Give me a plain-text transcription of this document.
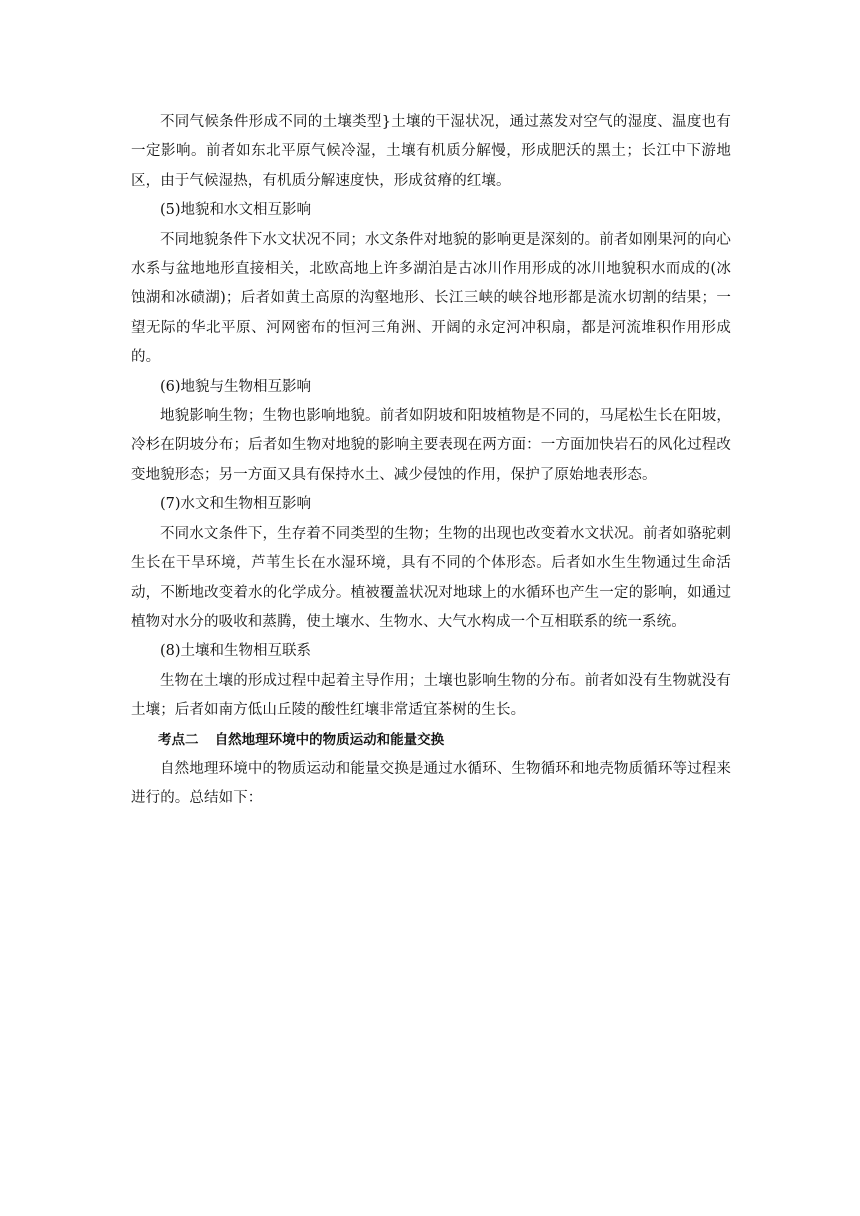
不同气候条件形成不同的土壤类型}土壤的干湿状况，通过蒸发对空气的湿度、温度也有一定影响。前者如东北平原气候冷湿，土壤有机质分解慢，形成肥沃的黑土；长江中下游地区，由于气候湿热，有机质分解速度快，形成贫瘠的红壤。

(5)地貌和水文相互影响

不同地貌条件下水文状况不同；水文条件对地貌的影响更是深刻的。前者如刚果河的向心水系与盆地地形直接相关，北欧高地上许多湖泊是古冰川作用形成的冰川地貌积水而成的(冰蚀湖和冰碛湖)；后者如黄土高原的沟壑地形、长江三峡的峡谷地形都是流水切割的结果；一望无际的华北平原、河网密布的恒河三角洲、开阔的永定河冲积扇，都是河流堆积作用形成的。

(6)地貌与生物相互影响

地貌影响生物；生物也影响地貌。前者如阴坡和阳坡植物是不同的，马尾松生长在阳坡，冷杉在阴坡分布；后者如生物对地貌的影响主要表现在两方面：一方面加快岩石的风化过程改变地貌形态；另一方面又具有保持水土、减少侵蚀的作用，保护了原始地表形态。

(7)水文和生物相互影响

不同水文条件下，生存着不同类型的生物；生物的出现也改变着水文状况。前者如骆驼刺生长在干旱环境，芦苇生长在水湿环境，具有不同的个体形态。后者如水生生物通过生命活动，不断地改变着水的化学成分。植被覆盖状况对地球上的水循环也产生一定的影响，如通过植物对水分的吸收和蒸腾，使土壤水、生物水、大气水构成一个互相联系的统一系统。

(8)土壤和生物相互联系

生物在土壤的形成过程中起着主导作用；土壤也影响生物的分布。前者如没有生物就没有土壤；后者如南方低山丘陵的酸性红壤非常适宜茶树的生长。

考点二 自然地理环境中的物质运动和能量交换

自然地理环境中的物质运动和能量交换是通过水循环、生物循环和地壳物质循环等过程来进行的。总结如下：
